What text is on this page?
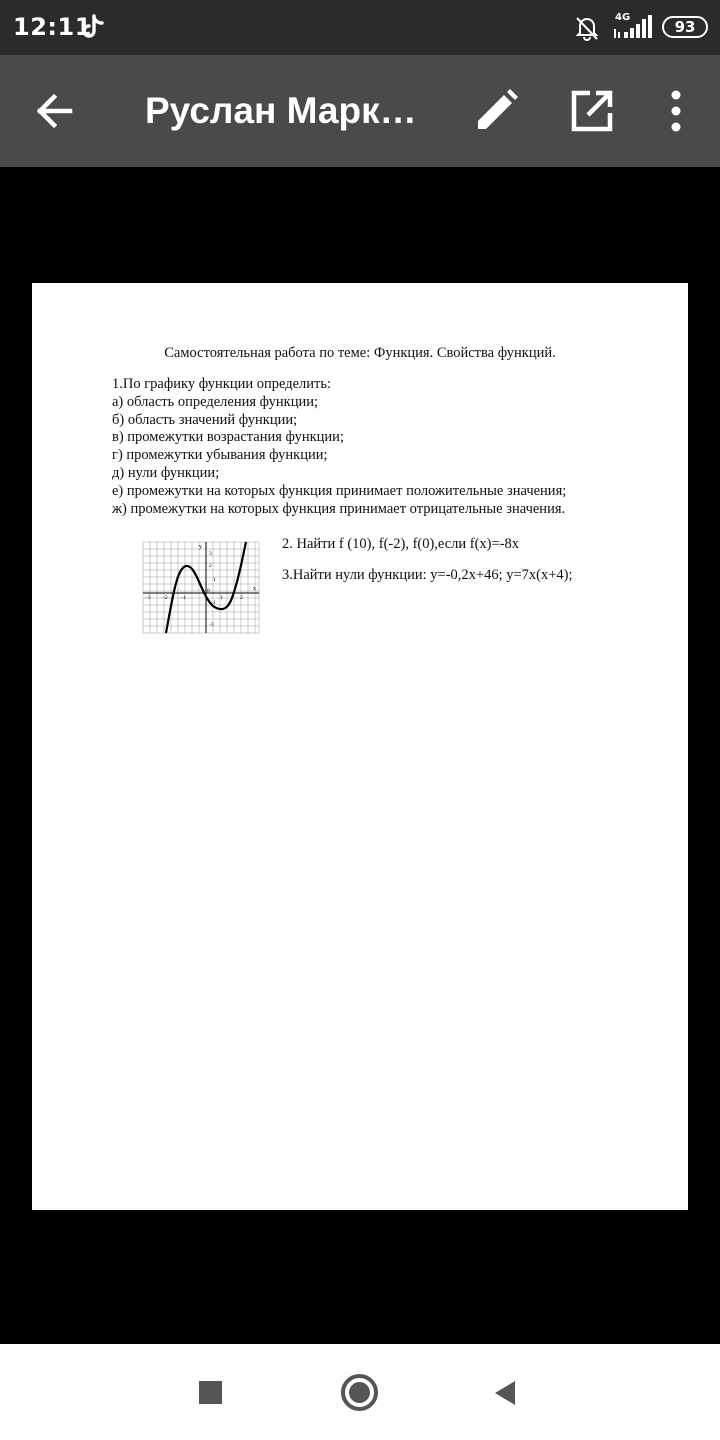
12:11	4G
93
Руслан Марк…
Самостоятельная работа по теме: Функция. Свойства функций.
1.По графику функции определить:
а) область определения функции;
б) область значений функции;
в) промежутки возрастания функции;
г) промежутки убывания функции;
д) нули функции;
е) промежутки на которых функция принимает положительные значения;
ж) промежутки на которых функция принимает отрицательные значения.
y
x
3
2
1
-1
-3
-3 -2 -1
0
1	2
2. Найти f (10), f(-2), f(0),если f(x)=-8x
3.Найти нули функции: y=-0,2x+46; y=7x(x+4);
